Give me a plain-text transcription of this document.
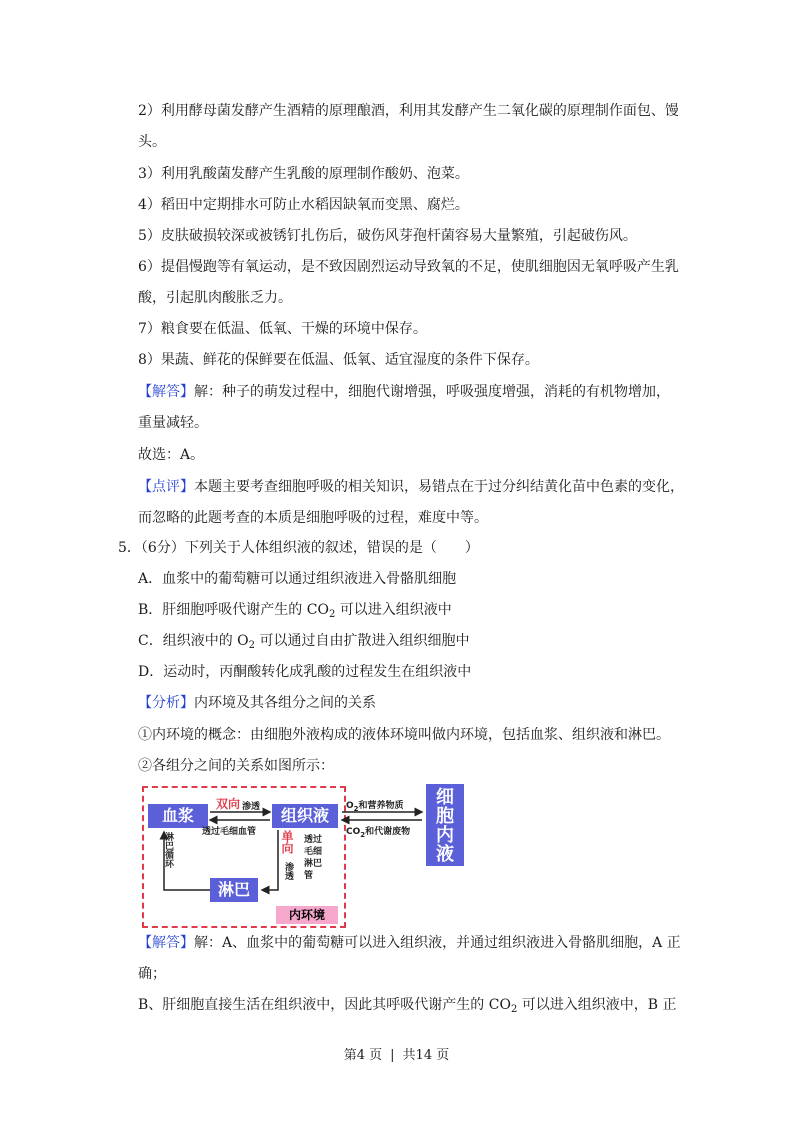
2）利用酵母菌发酵产生酒精的原理酿酒，利用其发酵产生二氧化碳的原理制作面包、馒
头。
3）利用乳酸菌发酵产生乳酸的原理制作酸奶、泡菜。
4）稻田中定期排水可防止水稻因缺氧而变黑、腐烂。
5）皮肤破损较深或被锈钉扎伤后，破伤风芽孢杆菌容易大量繁殖，引起破伤风。
6）提倡慢跑等有氧运动，是不致因剧烈运动导致氧的不足，使肌细胞因无氧呼吸产生乳
酸，引起肌肉酸胀乏力。
7）粮食要在低温、低氧、干燥的环境中保存。
8）果蔬、鲜花的保鲜要在低温、低氧、适宜湿度的条件下保存。
【解答】解：种子的萌发过程中，细胞代谢增强，呼吸强度增强，消耗的有机物增加，
重量减轻。
故选：A。
【点评】本题主要考查细胞呼吸的相关知识，易错点在于过分纠结黄化苗中色素的变化，
而忽略的此题考查的本质是细胞呼吸的过程，难度中等。
5．（6分）下列关于人体组织液的叙述，错误的是（　　）
A．血浆中的葡萄糖可以通过组织液进入骨骼肌细胞
B．肝细胞呼吸代谢产生的 $CO_2$ 可以进入组织液中
C．组织液中的 $O_2$ 可以通过自由扩散进入组织细胞中
D．运动时，丙酮酸转化成乳酸的过程发生在组织液中
【分析】内环境及其各组分之间的关系
①内环境的概念：由细胞外液构成的液体环境叫做内环境，包括血浆、组织液和淋巴。
②各组分之间的关系如图所示：
血浆	组织液
淋巴
细
胞
内
液
内环境
双向 渗透
透过毛细血管
淋巴循环	单向
渗透
透过毛细淋巴管
$O_2$和营养物质
$CO_2$和代谢废物
【解答】解：A、血浆中的葡萄糖可以进入组织液，并通过组织液进入骨骼肌细胞，A 正
确；
B、肝细胞直接生活在组织液中，因此其呼吸代谢产生的 $CO_2$ 可以进入组织液中，B 正
第4 页 | 共14 页
